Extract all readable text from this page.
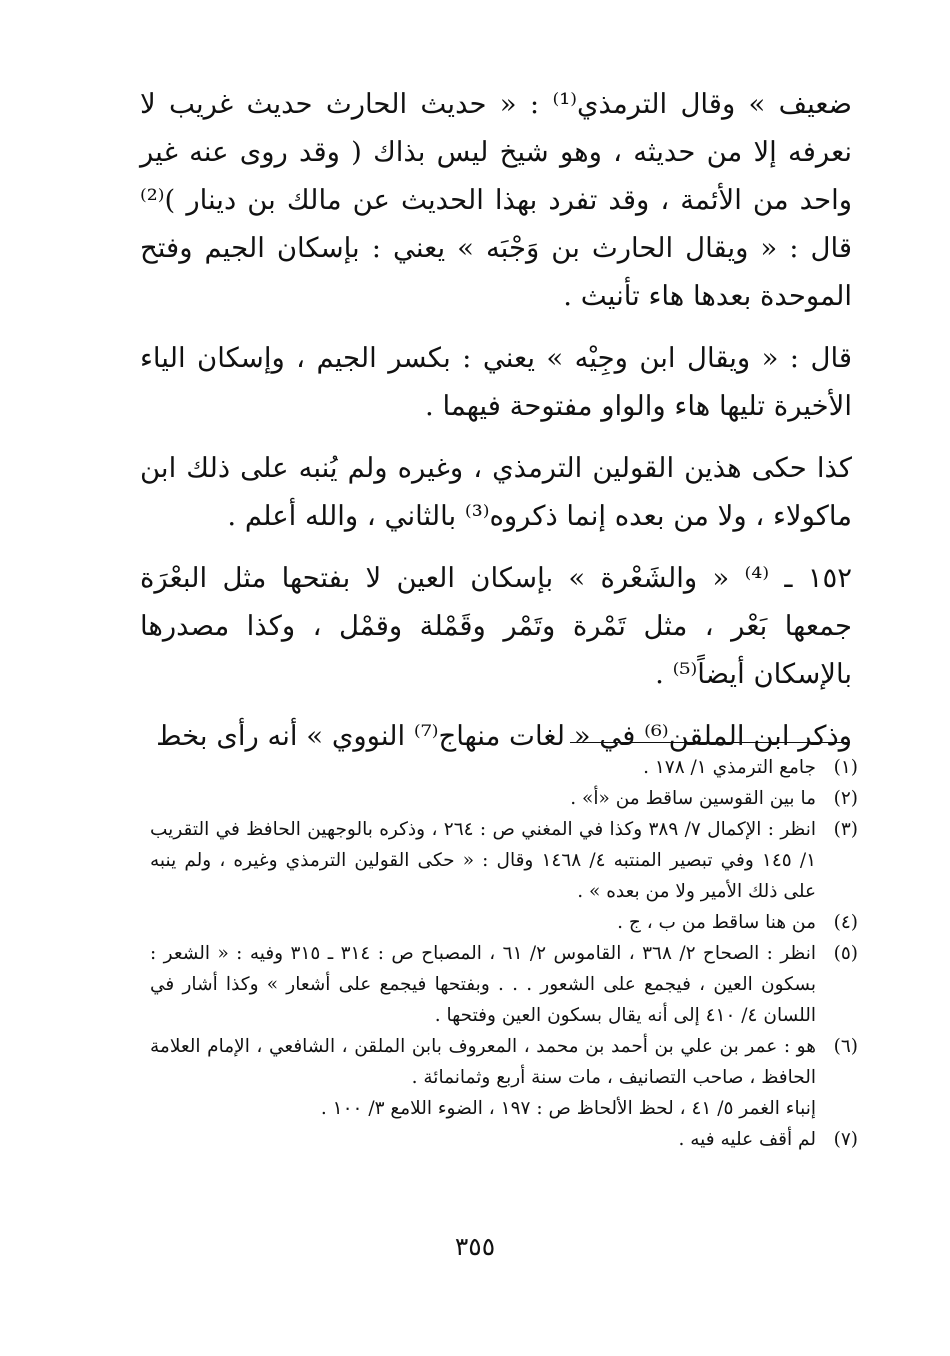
ضعيف » وقال الترمذي⁽¹⁾ : « حديث الحارث حديث غريب لا نعرفه إلا من حديثه ، وهو شيخ ليس بذاك ( وقد روى عنه غير واحد من الأئمة ، وقد تفرد بهذا الحديث عن مالك بن دينار )⁽²⁾ قال : « ويقال الحارث بن وَجْبَه » يعني : بإسكان الجيم وفتح الموحدة بعدها هاء تأنيث .

قال : « ويقال ابن وجِيْه » يعني : بكسر الجيم ، وإسكان الياء الأخيرة تليها هاء والواو مفتوحة فيهما .

كذا حكى هذين القولين الترمذي ، وغيره ولم يُنبه على ذلك ابن ماكولاء ، ولا من بعده إنما ذكروه⁽³⁾ بالثاني ، والله أعلم .

١٥٢ ـ ⁽⁴⁾ « والشَعْرة » بإسكان العين لا بفتحها مثل البعْرَة جمعها بَعْر ، مثل تَمْرة وتَمْر وقَمْلة وقمْل ، وكذا مصدرها بالإسكان أيضاً⁽⁵⁾ .

وذكر ابن الملقن⁽⁶⁾ في « لغات منهاج⁽⁷⁾ النووي » أنه رأى بخط

(١)
جامع الترمذي ١/ ١٧٨ .
(٢)
ما بين القوسين ساقط من «أ» .
(٣)
انظر : الإكمال ٧/ ٣٨٩ وكذا في المغني ص : ٢٦٤ ، وذكره بالوجهين الحافظ في التقريب ١/ ١٤٥ وفي تبصير المنتبه ٤/ ١٤٦٨ وقال : « حكى القولين الترمذي وغيره ، ولم ينبه على ذلك الأمير ولا من بعده » .
(٤)
من هنا ساقط من ب ، ج .
(٥)
انظر : الصحاح ٢/ ٣٦٨ ، القاموس ٢/ ٦١ ، المصباح ص : ٣١٤ ـ ٣١٥ وفيه : « الشعر : بسكون العين ، فيجمع على الشعور . . . وبفتحها فيجمع على أشعار » وكذا أشار في اللسان ٤/ ٤١٠ إلى أنه يقال بسكون العين وفتحها .
(٦)
هو : عمر بن علي بن أحمد بن محمد ، المعروف بابن الملقن ، الشافعي ، الإمام العلامة الحافظ ، صاحب التصانيف ، مات سنة أربع وثمانمائة .
إنباء الغمر ٥/ ٤١ ، لحظ الألحاظ ص : ١٩٧ ، الضوء اللامع ٣/ ١٠٠ .
(٧)
لم أقف عليه فيه .
٣٥٥
